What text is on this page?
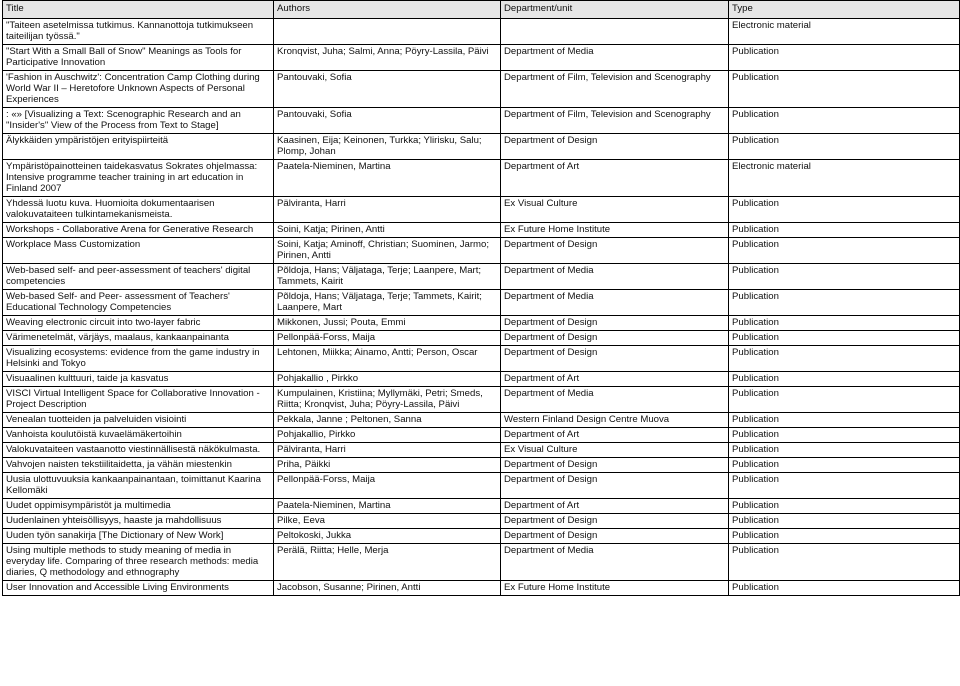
Title	Authors	Department/unit	Type
"Taiteen asetelmissa tutkimus. Kannanottoja tutkimukseen taiteilijan työssä."			Electronic material
"Start With a Small Ball of Snow" Meanings as Tools for Participative Innovation	Kronqvist, Juha; Salmi, Anna; Pöyry-Lassila, Päivi	Department of Media	Publication
'Fashion in Auschwitz': Concentration Camp Clothing during World War II – Heretofore Unknown Aspects of Personal Experiences	Pantouvaki, Sofia	Department of Film, Television and Scenography	Publication
: «» [Visualizing a Text: Scenographic Research and an "Insider's" View of the Process from Text to Stage]	Pantouvaki, Sofia	Department of Film, Television and Scenography	Publication
Älykkäiden ympäristöjen erityispiirteitä	Kaasinen, Eija; Keinonen, Turkka; Ylirisku, Salu; Plomp, Johan	Department of Design	Publication
Ympäristöpainotteinen taidekasvatus Sokrates ohjelmassa: Intensive programme teacher training in art education in Finland 2007	Paatela-Nieminen, Martina	Department of Art	Electronic material
Yhdessä luotu kuva. Huomioita dokumentaarisen valokuvataiteen tulkintamekanismeista.	Pälviranta, Harri	Ex Visual Culture	Publication
Workshops - Collaborative Arena for Generative Research	Soini, Katja; Pirinen, Antti	Ex Future Home Institute	Publication
Workplace Mass Customization	Soini, Katja; Aminoff, Christian; Suominen, Jarmo; Pirinen, Antti	Department of Design	Publication
Web-based self- and peer-assessment of teachers' digital competencies	Põldoja, Hans; Väljataga, Terje; Laanpere, Mart; Tammets, Kairit	Department of Media	Publication
Web-based Self- and Peer- assessment of Teachers' Educational Technology Competencies	Põldoja, Hans; Väljataga, Terje; Tammets, Kairit; Laanpere, Mart	Department of Media	Publication
Weaving electronic circuit into two-layer fabric	Mikkonen, Jussi; Pouta, Emmi	Department of Design	Publication
Värimenetelmät, värjäys, maalaus, kankaanpainanta	Pellonpää-Forss, Maija	Department of Design	Publication
Visualizing ecosystems: evidence from the game industry in Helsinki and Tokyo	Lehtonen, Miikka; Ainamo, Antti; Person, Oscar	Department of Design	Publication
Visuaalinen kulttuuri, taide ja kasvatus	Pohjakallio , Pirkko	Department of Art	Publication
VISCI Virtual Intelligent Space for Collaborative Innovation - Project Description	Kumpulainen, Kristiina; Myllymäki, Petri; Smeds, Riitta; Kronqvist, Juha; Pöyry-Lassila, Päivi	Department of Media	Publication
Venealan tuotteiden ja palveluiden visiointi	Pekkala, Janne ; Peltonen, Sanna	Western Finland Design Centre Muova	Publication
Vanhoista koulutöistä kuvaelämäkertoihin	Pohjakallio, Pirkko	Department of Art	Publication
Valokuvataiteen vastaanotto viestinnällisestä näkökulmasta.	Pälviranta, Harri	Ex Visual Culture	Publication
Vahvojen naisten tekstiilitaidetta, ja vähän miestenkin	Priha, Päikki	Department of Design	Publication
Uusia ulottuvuuksia kankaanpainantaan, toimittanut Kaarina Kellomäki	Pellonpää-Forss, Maija	Department of Design	Publication
Uudet oppimisympäristöt ja multimedia	Paatela-Nieminen, Martina	Department of Art	Publication
Uudenlainen yhteisöllisyys, haaste ja mahdollisuus	Pilke, Eeva	Department of Design	Publication
Uuden työn sanakirja [The Dictionary of New Work]	Peltokoski, Jukka	Department of Design	Publication
Using multiple methods to study meaning of media in everyday life. Comparing of three research methods: media diaries, Q methodology and ethnography	Perälä, Riitta; Helle, Merja	Department of Media	Publication
User Innovation and Accessible Living Environments	Jacobson, Susanne; Pirinen, Antti	Ex Future Home Institute	Publication
